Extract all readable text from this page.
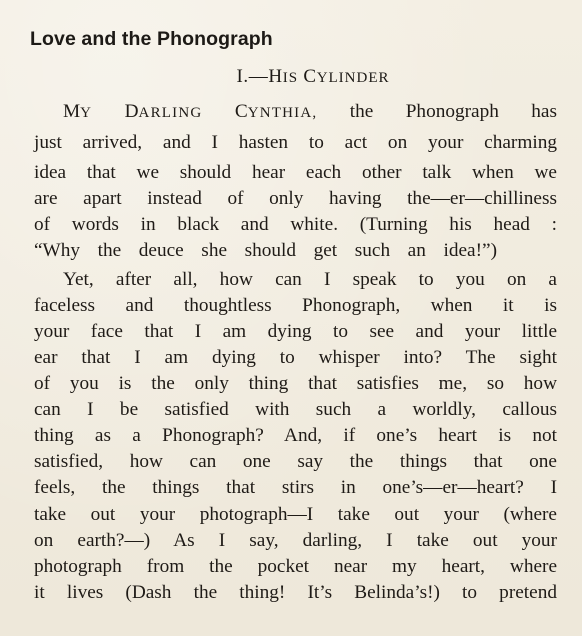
Love and the Phonograph
I.—HIS CYLINDER
MY DARLING CYNTHIA, the Phonograph has
just arrived, and I hasten to act on your charming
idea that we should hear each other talk when we
are apart instead of only having the—er—chilliness
of words in black and white. (Turning his head :
“Why the deuce she should get such an idea!”)
Yet, after all, how can I speak to you on a
faceless and thoughtless Phonograph, when it is
your face that I am dying to see and your little
ear that I am dying to whisper into? The sight
of you is the only thing that satisfies me, so how
can I be satisfied with such a worldly, callous
thing as a Phonograph? And, if one’s heart is not
satisfied, how can one say the things that one
feels, the things that stirs in one’s—er—heart? I
take out your photograph—I take out your (where
on earth?—) As I say, darling, I take out your
photograph from the pocket near my heart, where
it lives (Dash the thing! It’s Belinda’s!) to pretend
